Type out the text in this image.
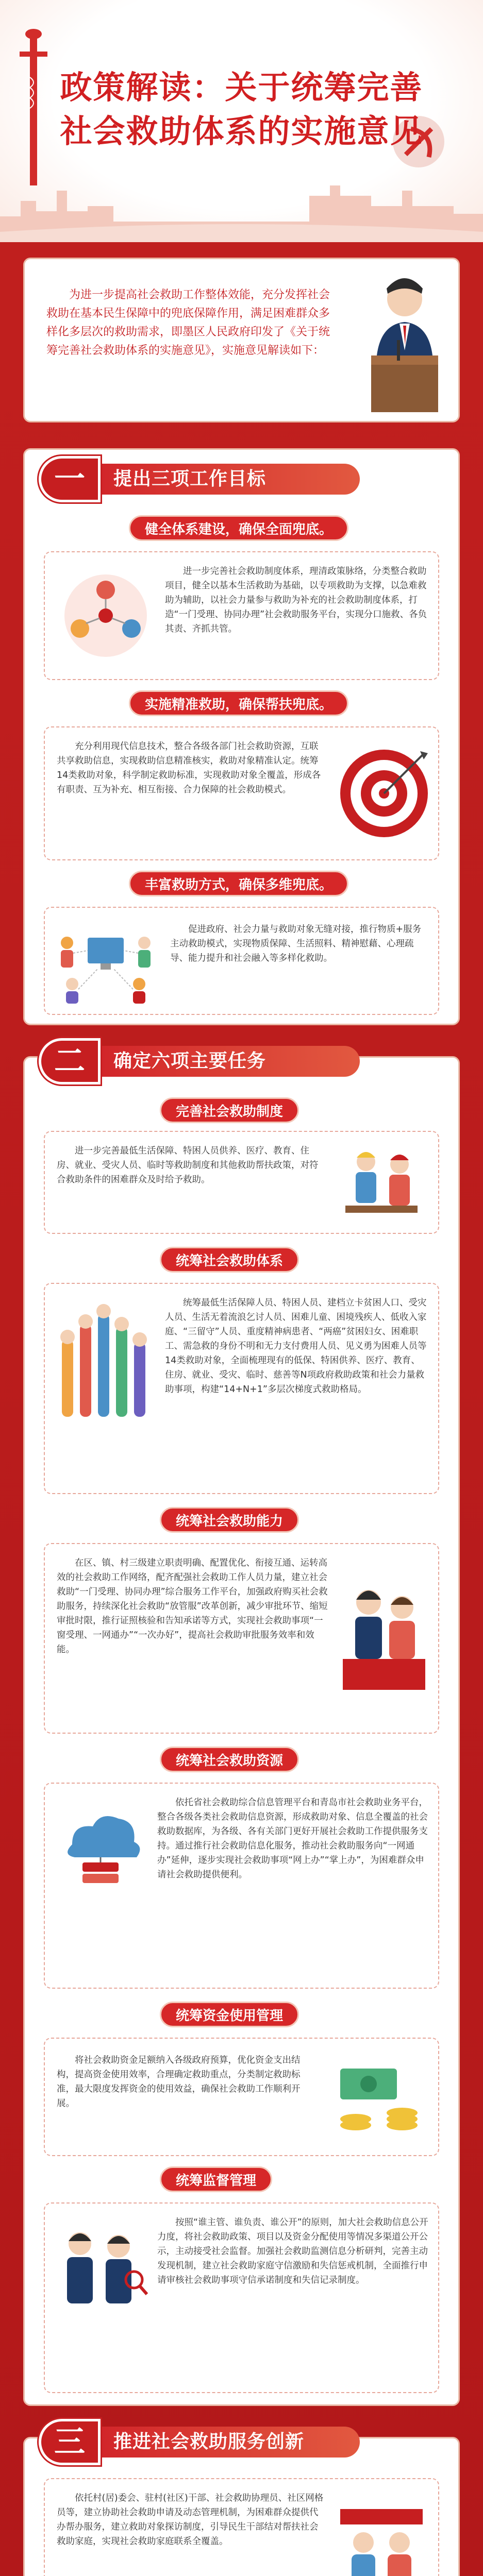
政策解读：关于统筹完善
社会救助体系的实施意见
为进一步提高社会救助工作整体效能，充分发挥社会救助在基本民生保障中的兜底保障作用，满足困难群众多样化多层次的救助需求，即墨区人民政府印发了《关于统筹完善社会救助体系的实施意见》，实施意见解读如下：
一	提出三项工作目标
健全体系建设，确保全面兜底。
进一步完善社会救助制度体系，理清政策脉络，分类整合救助项目，健全以基本生活救助为基础，以专项救助为支撑，以急难救助为辅助，以社会力量参与救助为补充的社会救助制度体系，打造“一门受理、协同办理”社会救助服务平台，实现分口施救、各负其责、齐抓共管。
实施精准救助，确保帮扶兜底。
充分利用现代信息技术，整合各级各部门社会救助资源，互联共享救助信息，实现救助信息精准核实，救助对象精准认定。统筹14类救助对象，科学制定救助标准，实现救助对象全覆盖，形成各有职责、互为补充、相互衔接、合力保障的社会救助模式。
丰富救助方式，确保多维兜底。
促进政府、社会力量与救助对象无缝对接，推行物质+服务主动救助模式，实现物质保障、生活照料、精神慰藉、心理疏导、能力提升和社会融入等多样化救助。
二	确定六项主要任务
完善社会救助制度
进一步完善最低生活保障、特困人员供养、医疗、教育、住房、就业、受灾人员、临时等救助制度和其他救助帮扶政策，对符合救助条件的困难群众及时给予救助。
统筹社会救助体系
统筹最低生活保障人员、特困人员、建档立卡贫困人口、受灾人员、生活无着流浪乞讨人员、困难儿童、困境残疾人、低收入家庭、“三留守”人员、重度精神病患者、“两癌”贫困妇女、困难职工、需急救的身份不明和无力支付费用人员、见义勇为困难人员等14类救助对象，全面梳理现有的低保、特困供养、医疗、教育、住房、就业、受灾、临时、慈善等N项政府救助政策和社会力量救助事项，构建“14+N+1”多层次梯度式救助格局。
统筹社会救助能力
在区、镇、村三级建立职责明确、配置优化、衔接互通、运转高效的社会救助工作网络，配齐配强社会救助工作人员力量，建立社会救助“一门受理、协同办理”综合服务工作平台，加强政府购买社会救助服务，持续深化社会救助“放管服”改革创新，减少审批环节、缩短审批时限，推行证照核验和告知承诺等方式，实现社会救助事项“一窗受理、一网通办”“一次办好”，提高社会救助审批服务效率和效能。
统筹社会救助资源
依托省社会救助综合信息管理平台和青岛市社会救助业务平台，整合各级各类社会救助信息资源，形成救助对象、信息全覆盖的社会救助数据库，为各级、各有关部门更好开展社会救助工作提供服务支持。通过推行社会救助信息化服务，推动社会救助服务向“一网通办”延伸，逐步实现社会救助事项“网上办”“掌上办”，为困难群众申请社会救助提供便利。
统筹资金使用管理
将社会救助资金足额纳入各级政府预算，优化资金支出结构，提高资金使用效率，合理确定救助重点，分类制定救助标准，最大限度发挥资金的使用效益，确保社会救助工作顺利开展。
统筹监督管理
按照“谁主管、谁负责、谁公开”的原则，加大社会救助信息公开力度，将社会救助政策、项目以及资金分配使用等情况多渠道公开公示，主动接受社会监督。加强社会救助监测信息分析研判，完善主动发现机制，建立社会救助家庭守信激励和失信惩戒机制，全面推行申请审核社会救助事项守信承诺制度和失信记录制度。
三	推进社会救助服务创新
依托村(居)委会、驻村(社区)干部、社会救助协理员、社区网格员等，建立协助社会救助申请及动态管理机制，为困难群众提供代办帮办服务，建立救助对象探访制度，引导民生干部结对帮扶社会救助家庭，实现社会救助家庭联系全覆盖。
